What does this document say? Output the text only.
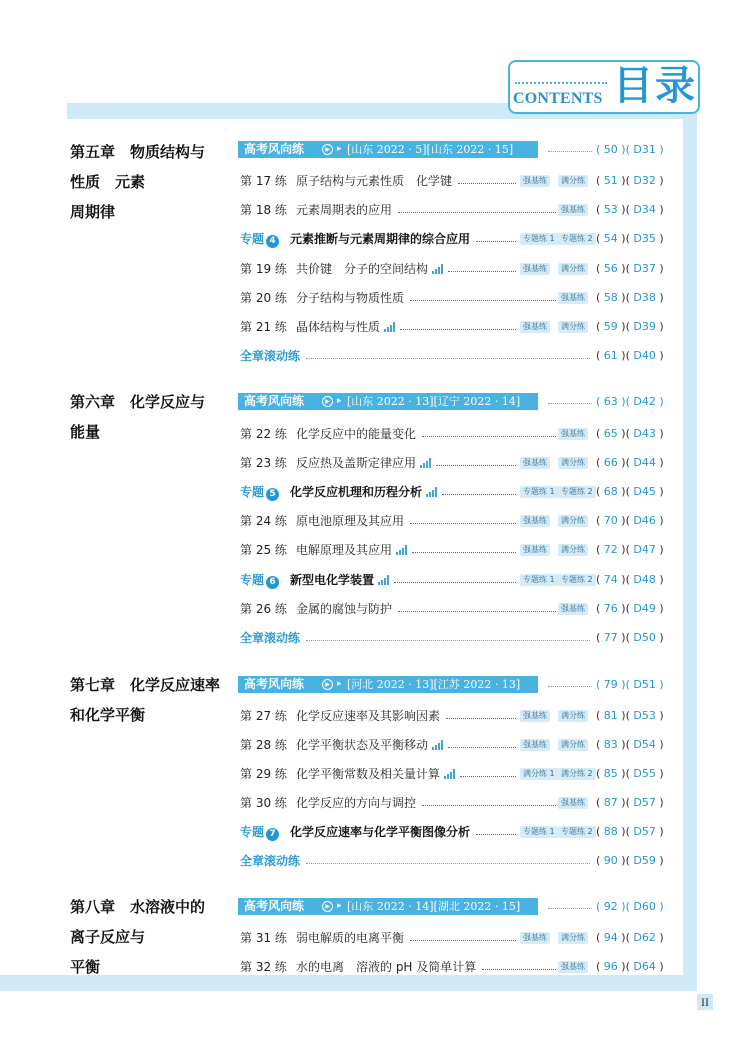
CONTENTS 目录
第五章　物质结构与
性质　元素
周期律
高考风向练	▶ ▸ [山东 2022 · 5][山东 2022 · 15]	( 50 )( D31 )
第 17 练 原子结构与元素性质　化学键	强基练	满分练 ( 51 )( D32 )
第 18 练 元素周期表的应用	强基练 ( 53 )( D34 )
专题 4 元素推断与元素周期律的综合应用	专题练 1 专题练 2 ( 54 )( D35 )
第 19 练 共价键　分子的空间结构	强基练	满分练 ( 56 )( D37 )
第 20 练 分子结构与物质性质	强基练 ( 58 )( D38 )
第 21 练 晶体结构与性质	强基练	满分练 ( 59 )( D39 )
全章滚动练	( 61 )( D40 )
第六章　化学反应与
能量
高考风向练	▶ ▸ [山东 2022 · 13][辽宁 2022 · 14]	( 63 )( D42 )
第 22 练 化学反应中的能量变化	强基练 ( 65 )( D43 )
第 23 练 反应热及盖斯定律应用	强基练	满分练 ( 66 )( D44 )
专题 5 化学反应机理和历程分析	专题练 1 专题练 2 ( 68 )( D45 )
第 24 练 原电池原理及其应用	强基练	满分练 ( 70 )( D46 )
第 25 练 电解原理及其应用	强基练	满分练 ( 72 )( D47 )
专题 6 新型电化学装置	专题练 1 专题练 2 ( 74 )( D48 )
第 26 练 金属的腐蚀与防护	强基练 ( 76 )( D49 )
全章滚动练	( 77 )( D50 )
第七章　化学反应速率
和化学平衡
高考风向练	▶ ▸ [河北 2022 · 13][江苏 2022 · 13]	( 79 )( D51 )
第 27 练 化学反应速率及其影响因素	强基练	满分练 ( 81 )( D53 )
第 28 练 化学平衡状态及平衡移动	强基练	满分练 ( 83 )( D54 )
第 29 练 化学平衡常数及相关量计算	满分练 1 满分练 2 ( 85 )( D55 )
第 30 练 化学反应的方向与调控	强基练 ( 87 )( D57 )
专题 7 化学反应速率与化学平衡图像分析	专题练 1 专题练 2 ( 88 )( D57 )
全章滚动练	( 90 )( D59 )
第八章　水溶液中的
离子反应与
平衡
高考风向练	▶ ▸ [山东 2022 · 14][湖北 2022 · 15]	( 92 )( D60 )
第 31 练 弱电解质的电离平衡	强基练	满分练 ( 94 )( D62 )
第 32 练 水的电离　溶液的 pH 及简单计算	强基练 ( 96 )( D64 )
II
